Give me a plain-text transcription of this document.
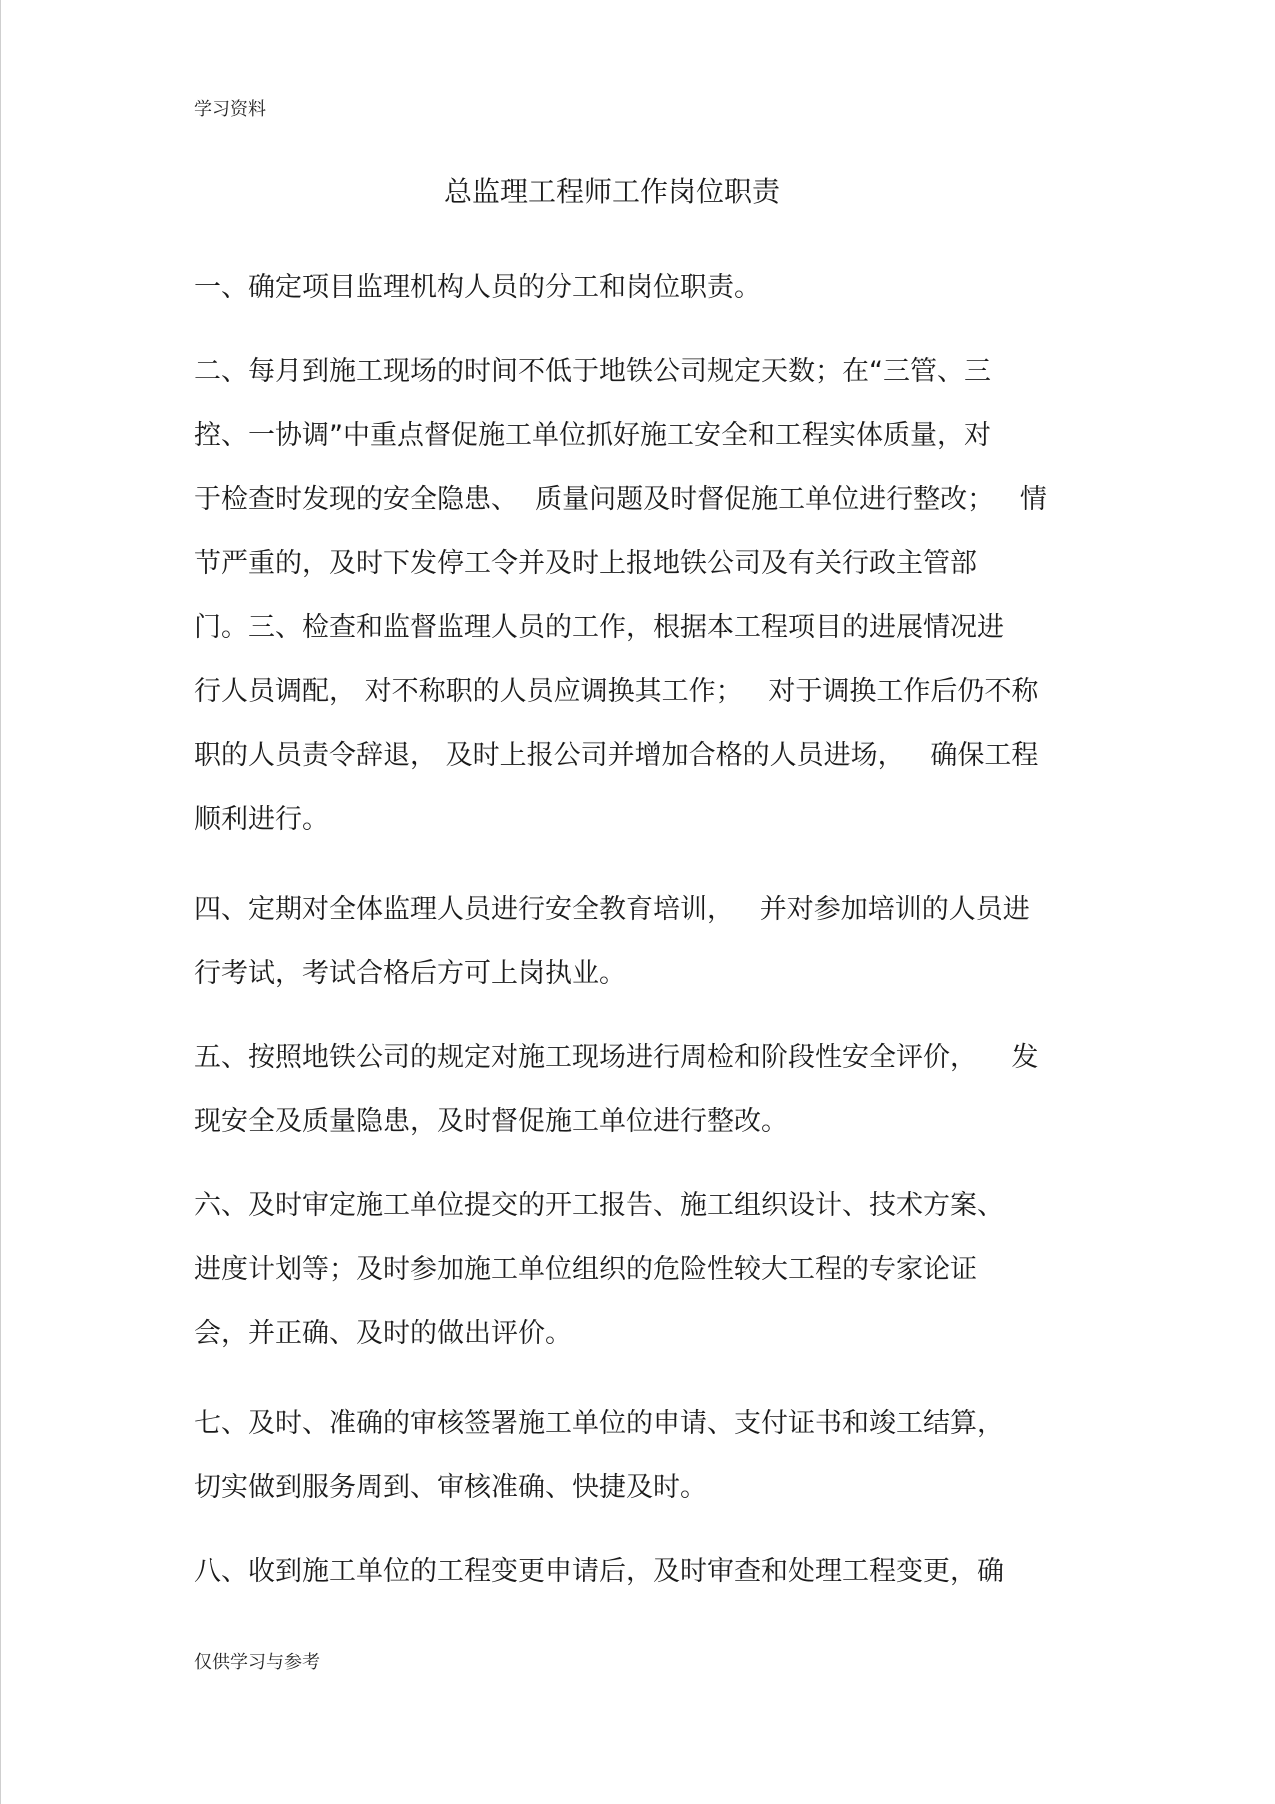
学习资料
总监理工程师工作岗位职责
一、确定项目监理机构人员的分工和岗位职责。
二、每月到施工现场的时间不低于地铁公司规定天数；在“三管、三
控、一协调”中重点督促施工单位抓好施工安全和工程实体质量，对
于检查时发现的安全隐患、  质量问题及时督促施工单位进行整改；   情
节严重的，及时下发停工令并及时上报地铁公司及有关行政主管部
门。三、检查和监督监理人员的工作，根据本工程项目的进展情况进
行人员调配， 对不称职的人员应调换其工作；   对于调换工作后仍不称
职的人员责令辞退， 及时上报公司并增加合格的人员进场，   确保工程
顺利进行。
四、定期对全体监理人员进行安全教育培训，   并对参加培训的人员进
行考试，考试合格后方可上岗执业。
五、按照地铁公司的规定对施工现场进行周检和阶段性安全评价，    发
现安全及质量隐患，及时督促施工单位进行整改。
六、及时审定施工单位提交的开工报告、施工组织设计、技术方案、
进度计划等；及时参加施工单位组织的危险性较大工程的专家论证
会，并正确、及时的做出评价。
七、及时、准确的审核签署施工单位的申请、支付证书和竣工结算，
切实做到服务周到、审核准确、快捷及时。
八、收到施工单位的工程变更申请后，及时审查和处理工程变更，确
仅供学习与参考
